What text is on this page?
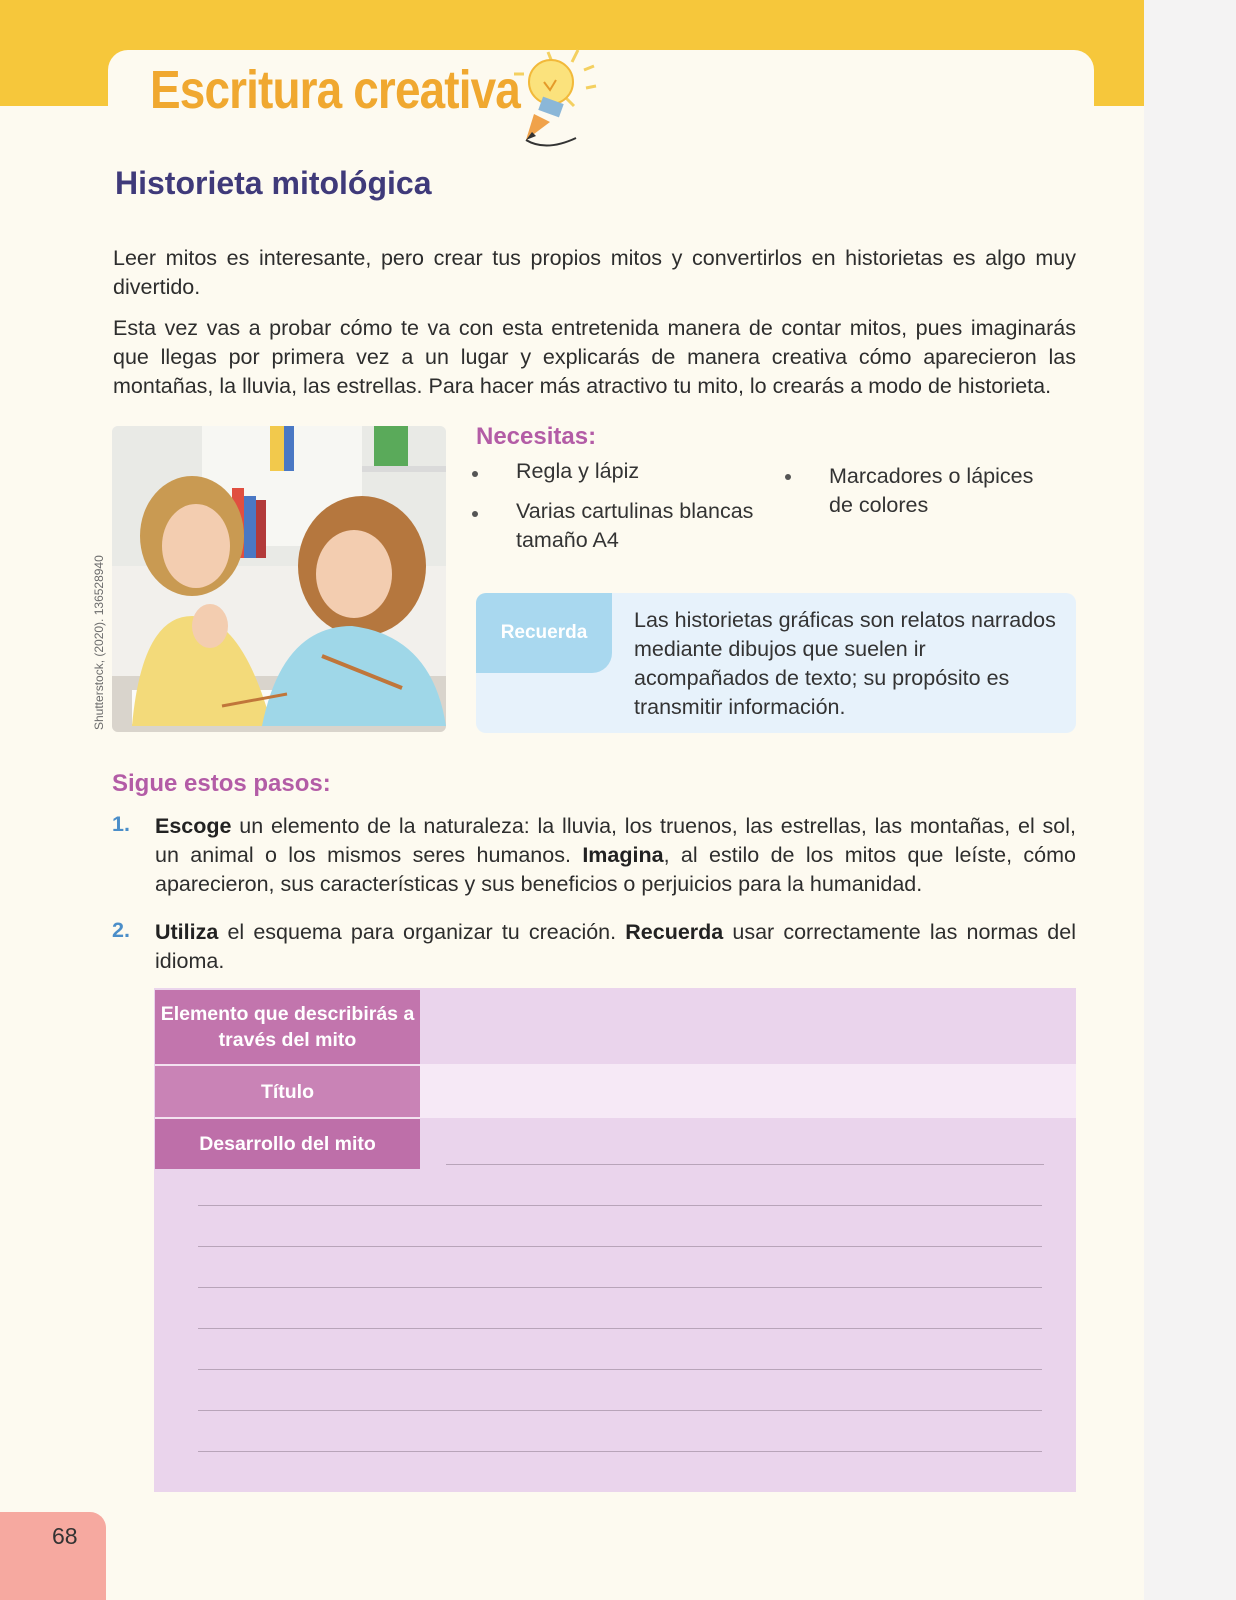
Escritura creativa
Historieta mitológica

Leer mitos es interesante, pero crear tus propios mitos y convertirlos en historietas es algo muy divertido.

Esta vez vas a probar cómo te va con esta entretenida manera de contar mitos, pues imaginarás que llegas por primera vez a un lugar y explicarás de manera creativa cómo aparecieron las montañas, la lluvia, las estrellas. Para hacer más atractivo tu mito, lo crearás a modo de historieta.

Shutterstock, (2020). 136528940
Necesitas:
Regla y lápiz
Varias cartulinas blancas tamaño A4
Marcadores o lápices de colores
Recuerda
Las historietas gráficas son relatos narrados mediante dibujos que suelen ir acompañados de texto; su propósito es transmitir información.
Sigue estos pasos:
1. Escoge un elemento de la naturaleza: la lluvia, los truenos, las estrellas, las montañas, el sol, un animal o los mismos seres humanos. Imagina, al estilo de los mitos que leíste, cómo aparecieron, sus características y sus beneficios o perjuicios para la humanidad.
2. Utiliza el esquema para organizar tu creación. Recuerda usar correctamente las normas del idioma.
Elemento que describirás a través del mito
Título
Desarrollo del mito
68
